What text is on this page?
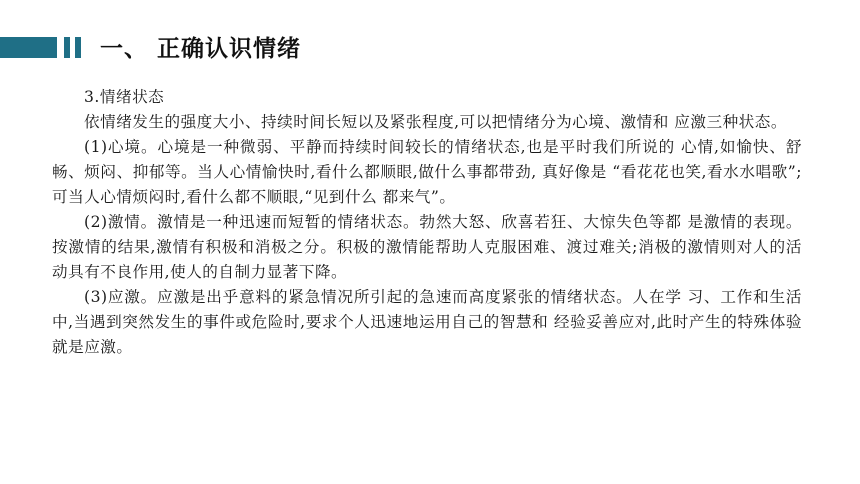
一、 正确认识情绪

3.情绪状态

依情绪发生的强度大小、持续时间长短以及紧张程度,可以把情绪分为心境、激情和 应激三种状态。

(1)心境。心境是一种微弱、平静而持续时间较长的情绪状态,也是平时我们所说的 心情,如愉快、舒畅、烦闷、抑郁等。当人心情愉快时,看什么都顺眼,做什么事都带劲, 真好像是 “看花花也笑,看水水唱歌”;可当人心情烦闷时,看什么都不顺眼,“见到什么 都来气”。

(2)激情。激情是一种迅速而短暂的情绪状态。勃然大怒、欣喜若狂、大惊失色等都 是激情的表现。按激情的结果,激情有积极和消极之分。积极的激情能帮助人克服困难、渡过难关;消极的激情则对人的活动具有不良作用,使人的自制力显著下降。

(3)应激。应激是出乎意料的紧急情况所引起的急速而高度紧张的情绪状态。人在学 习、工作和生活中,当遇到突然发生的事件或危险时,要求个人迅速地运用自己的智慧和 经验妥善应对,此时产生的特殊体验就是应激。
